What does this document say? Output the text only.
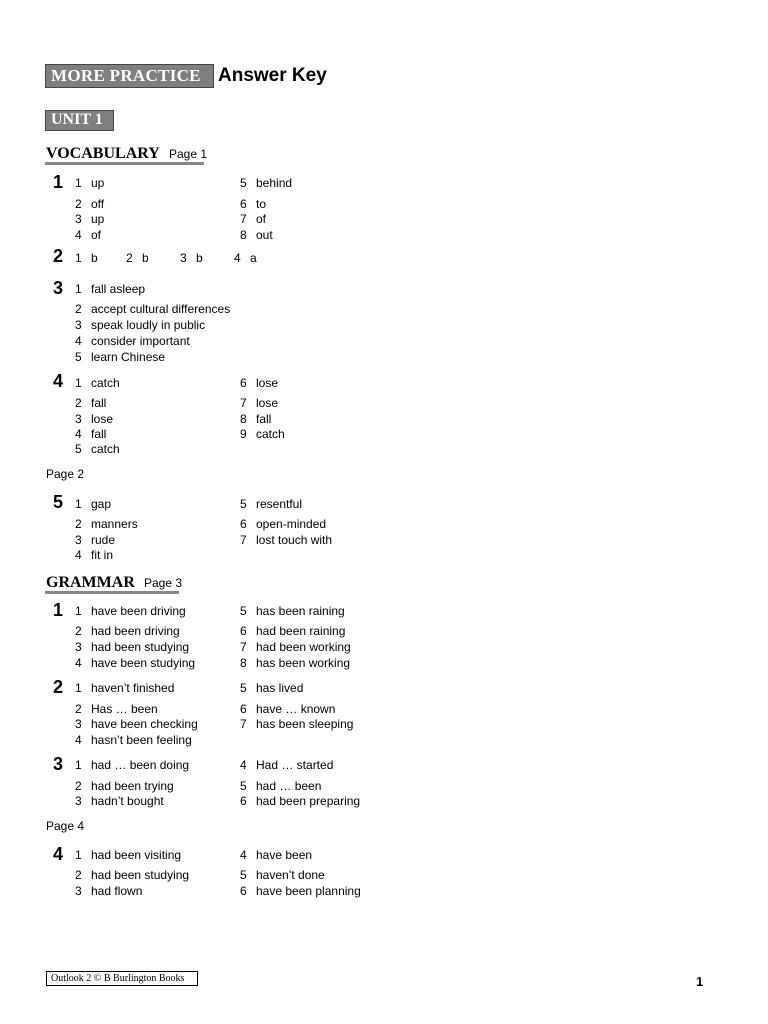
MORE PRACTICE Answer Key
UNIT 1
VOCABULARY Page 1
1 1 up
2 off
3 up
4 of
5 behind
6 to
7 of
8 out
2 1 b 2 b	3 b	4 a
3 1 fall asleep
2 accept cultural differences
3 speak loudly in public
4 consider important
5 learn Chinese
4 1 catch
2 fall
3 lose
4 fall
5 catch
6 lose
7 lose
8 fall
9 catch
Page 2
5 1 gap
2 manners
3 rude
4 fit in
5 resentful
6 open-minded
7 lost touch with
GRAMMAR Page 3
1 1 have been driving
2 had been driving
3 had been studying
4 have been studying
5 has been raining
6 had been raining
7 had been working
8 has been working
2 1 haven’t finished
2 Has … been
3 have been checking
4 hasn’t been feeling
5 has lived
6 have … known
7 has been sleeping
3 1 had … been doing
2 had been trying
3 hadn’t bought
4 Had … started
5 had … been
6 had been preparing
Page 4
4 1 had been visiting
2 had been studying
3 had flown
4 have been
5 haven’t done
6 have been planning
Outlook 2 © B Burlington Books	1
